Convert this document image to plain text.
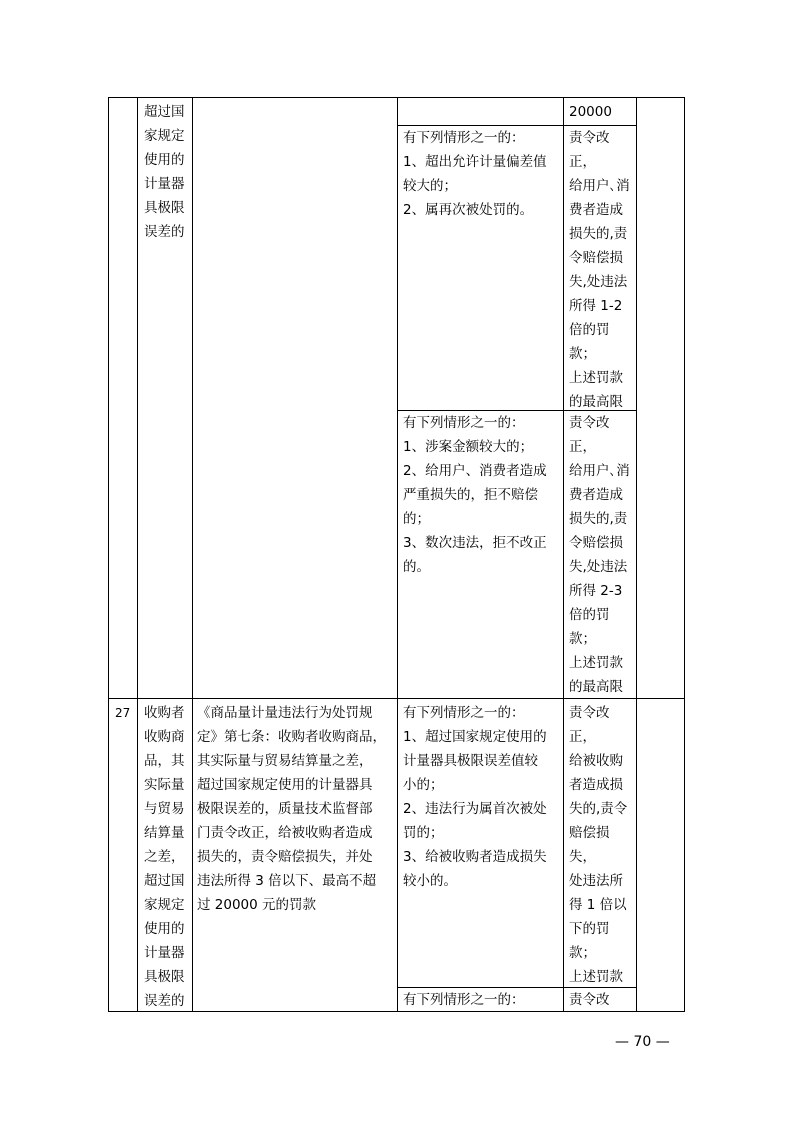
超过国
家规定
使用的
计量器
具极限
误差的
20000
有下列情形之一的：
1、超出允许计量偏差值
较大的；
2、属再次被处罚的。
责令改正，
给用户､消
费者造成
损失的,责
令赔偿损
失,处违法
所得 1-2
倍的罚款；
上述罚款
的最高限

有下列情形之一的：
1、涉案金额较大的；
2、给用户、消费者造成
严重损失的，拒不赔偿
的；
3、数次违法，拒不改正
的。
责令改正，
给用户､消
费者造成
损失的,责
令赔偿损
失,处违法
所得 2-3
倍的罚款；
上述罚款
的最高限

27	收购者
收购商
品，其
实际量
与贸易
结算量
之差，
超过国
家规定
使用的
计量器
具极限
误差的
《商品量计量违法行为处罚规
定》第七条：收购者收购商品，
其实际量与贸易结算量之差，
超过国家规定使用的计量器具
极限误差的，质量技术监督部
门责令改正，给被收购者造成
损失的，责令赔偿损失，并处
违法所得 3 倍以下、最高不超
过 20000 元的罚款
有下列情形之一的：
1、超过国家规定使用的
计量器具极限误差值较
小的；
2、违法行为属首次被处
罚的；
3、给被收购者造成损失
较小的。
责令改正，
给被收购
者造成损
失的,责令
赔偿损失，
处违法所
得 1 倍以
下的罚款；
上述罚款

有下列情形之一的：	责令改
— 70 —
